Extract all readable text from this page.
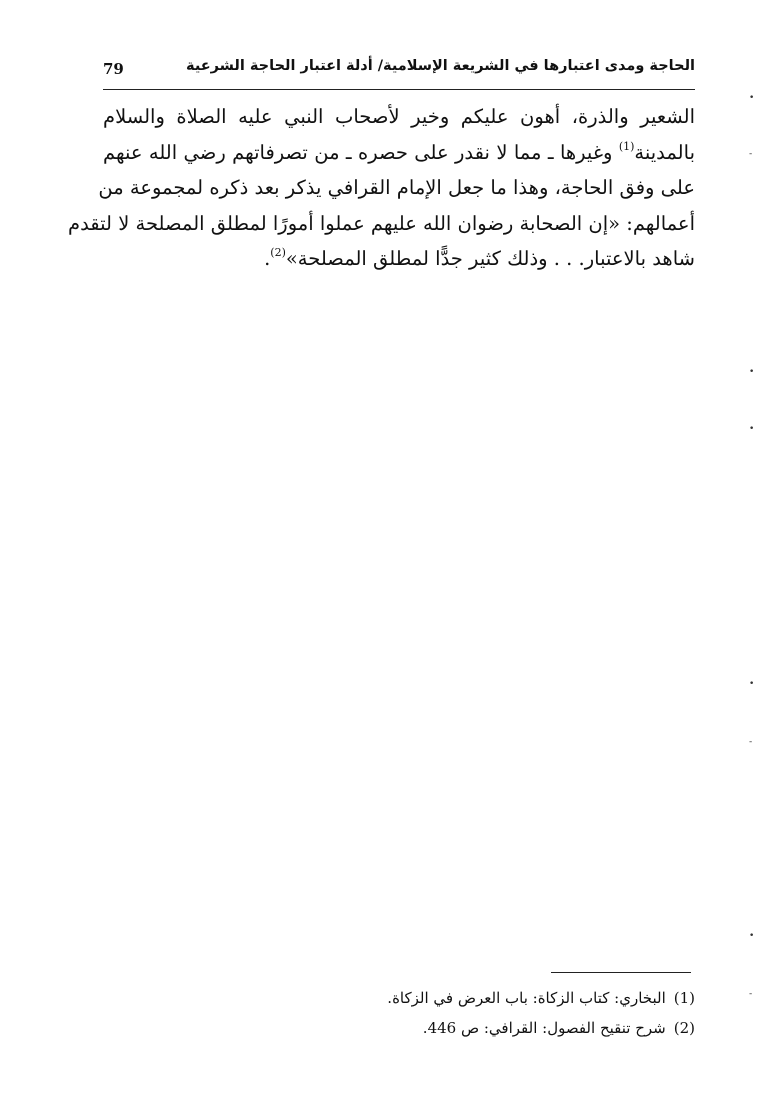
79	الحاجة ومدى اعتبارها في الشريعة الإسلامية/ أدلة اعتبار الحاجة الشرعية
الشعير والذرة، أهون عليكم وخير لأصحاب النبي عليه الصلاة والسلام
بالمدينة$^{(1)}$ وغيرها ـ مما لا نقدر على حصره ـ من تصرفاتهم رضي الله عنهم
على وفق الحاجة، وهذا ما جعل الإمام القرافي يذكر بعد ذكره لمجموعة من
أعمالهم: «إن الصحابة رضوان الله عليهم عملوا أمورًا لمطلق المصلحة لا لتقدم
شاهد بالاعتبار. . . وذلك كثير جدًّا لمطلق المصلحة»$^{(2)}$.
(1)البخاري: كتاب الزكاة: باب العرض في الزكاة.
(2)شرح تنقيح الفصول: القرافي: ص 446.
•
-
•
•
•
-
•
-
